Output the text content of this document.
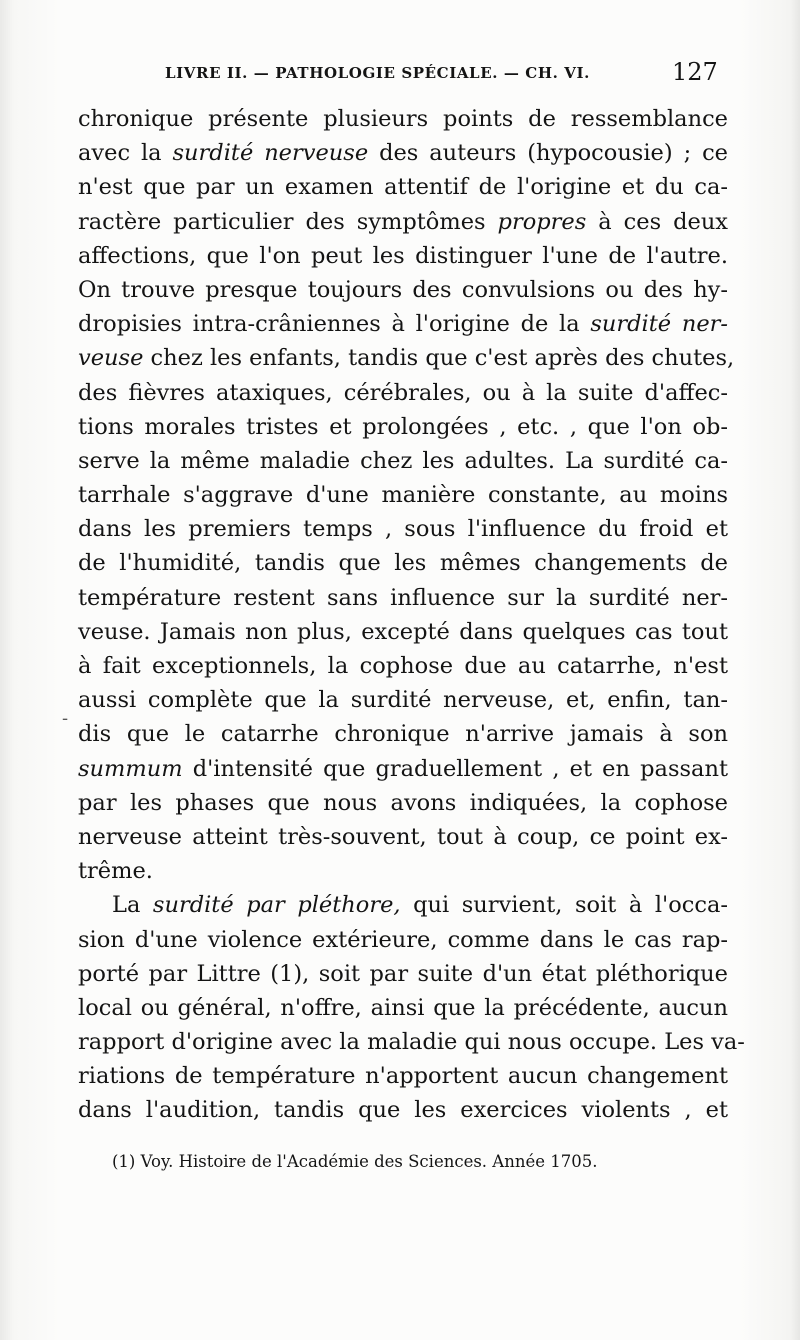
LIVRE II. — PATHOLOGIE SPÉCIALE. — CH. VI.	127
chronique présente plusieurs points de ressemblance
avec la surdité nerveuse des auteurs (hypocousie) ; ce
n'est que par un examen attentif de l'origine et du ca-
ractère particulier des symptômes propres à ces deux
affections, que l'on peut les distinguer l'une de l'autre.
On trouve presque toujours des convulsions ou des hy-
dropisies intra-crâniennes à l'origine de la surdité ner-
veuse chez les enfants, tandis que c'est après des chutes,
des fièvres ataxiques, cérébrales, ou à la suite d'affec-
tions morales tristes et prolongées , etc. , que l'on ob-
serve la même maladie chez les adultes. La surdité ca-
tarrhale s'aggrave d'une manière constante, au moins
dans les premiers temps , sous l'influence du froid et
de l'humidité, tandis que les mêmes changements de
température restent sans influence sur la surdité ner-
veuse. Jamais non plus, excepté dans quelques cas tout
à fait exceptionnels, la cophose due au catarrhe, n'est
aussi complète que la surdité nerveuse, et, enfin, tan-
dis que le catarrhe chronique n'arrive jamais à son
summum d'intensité que graduellement , et en passant
par les phases que nous avons indiquées, la cophose
nerveuse atteint très-souvent, tout à coup, ce point ex-
trême.
La surdité par pléthore, qui survient, soit à l'occa-
sion d'une violence extérieure, comme dans le cas rap-
porté par Littre (1), soit par suite d'un état pléthorique
local ou général, n'offre, ainsi que la précédente, aucun
rapport d'origine avec la maladie qui nous occupe. Les va-
riations de température n'apportent aucun changement
dans l'audition, tandis que les exercices violents , et
-
(1) Voy. Histoire de l'Académie des Sciences. Année 1705.
